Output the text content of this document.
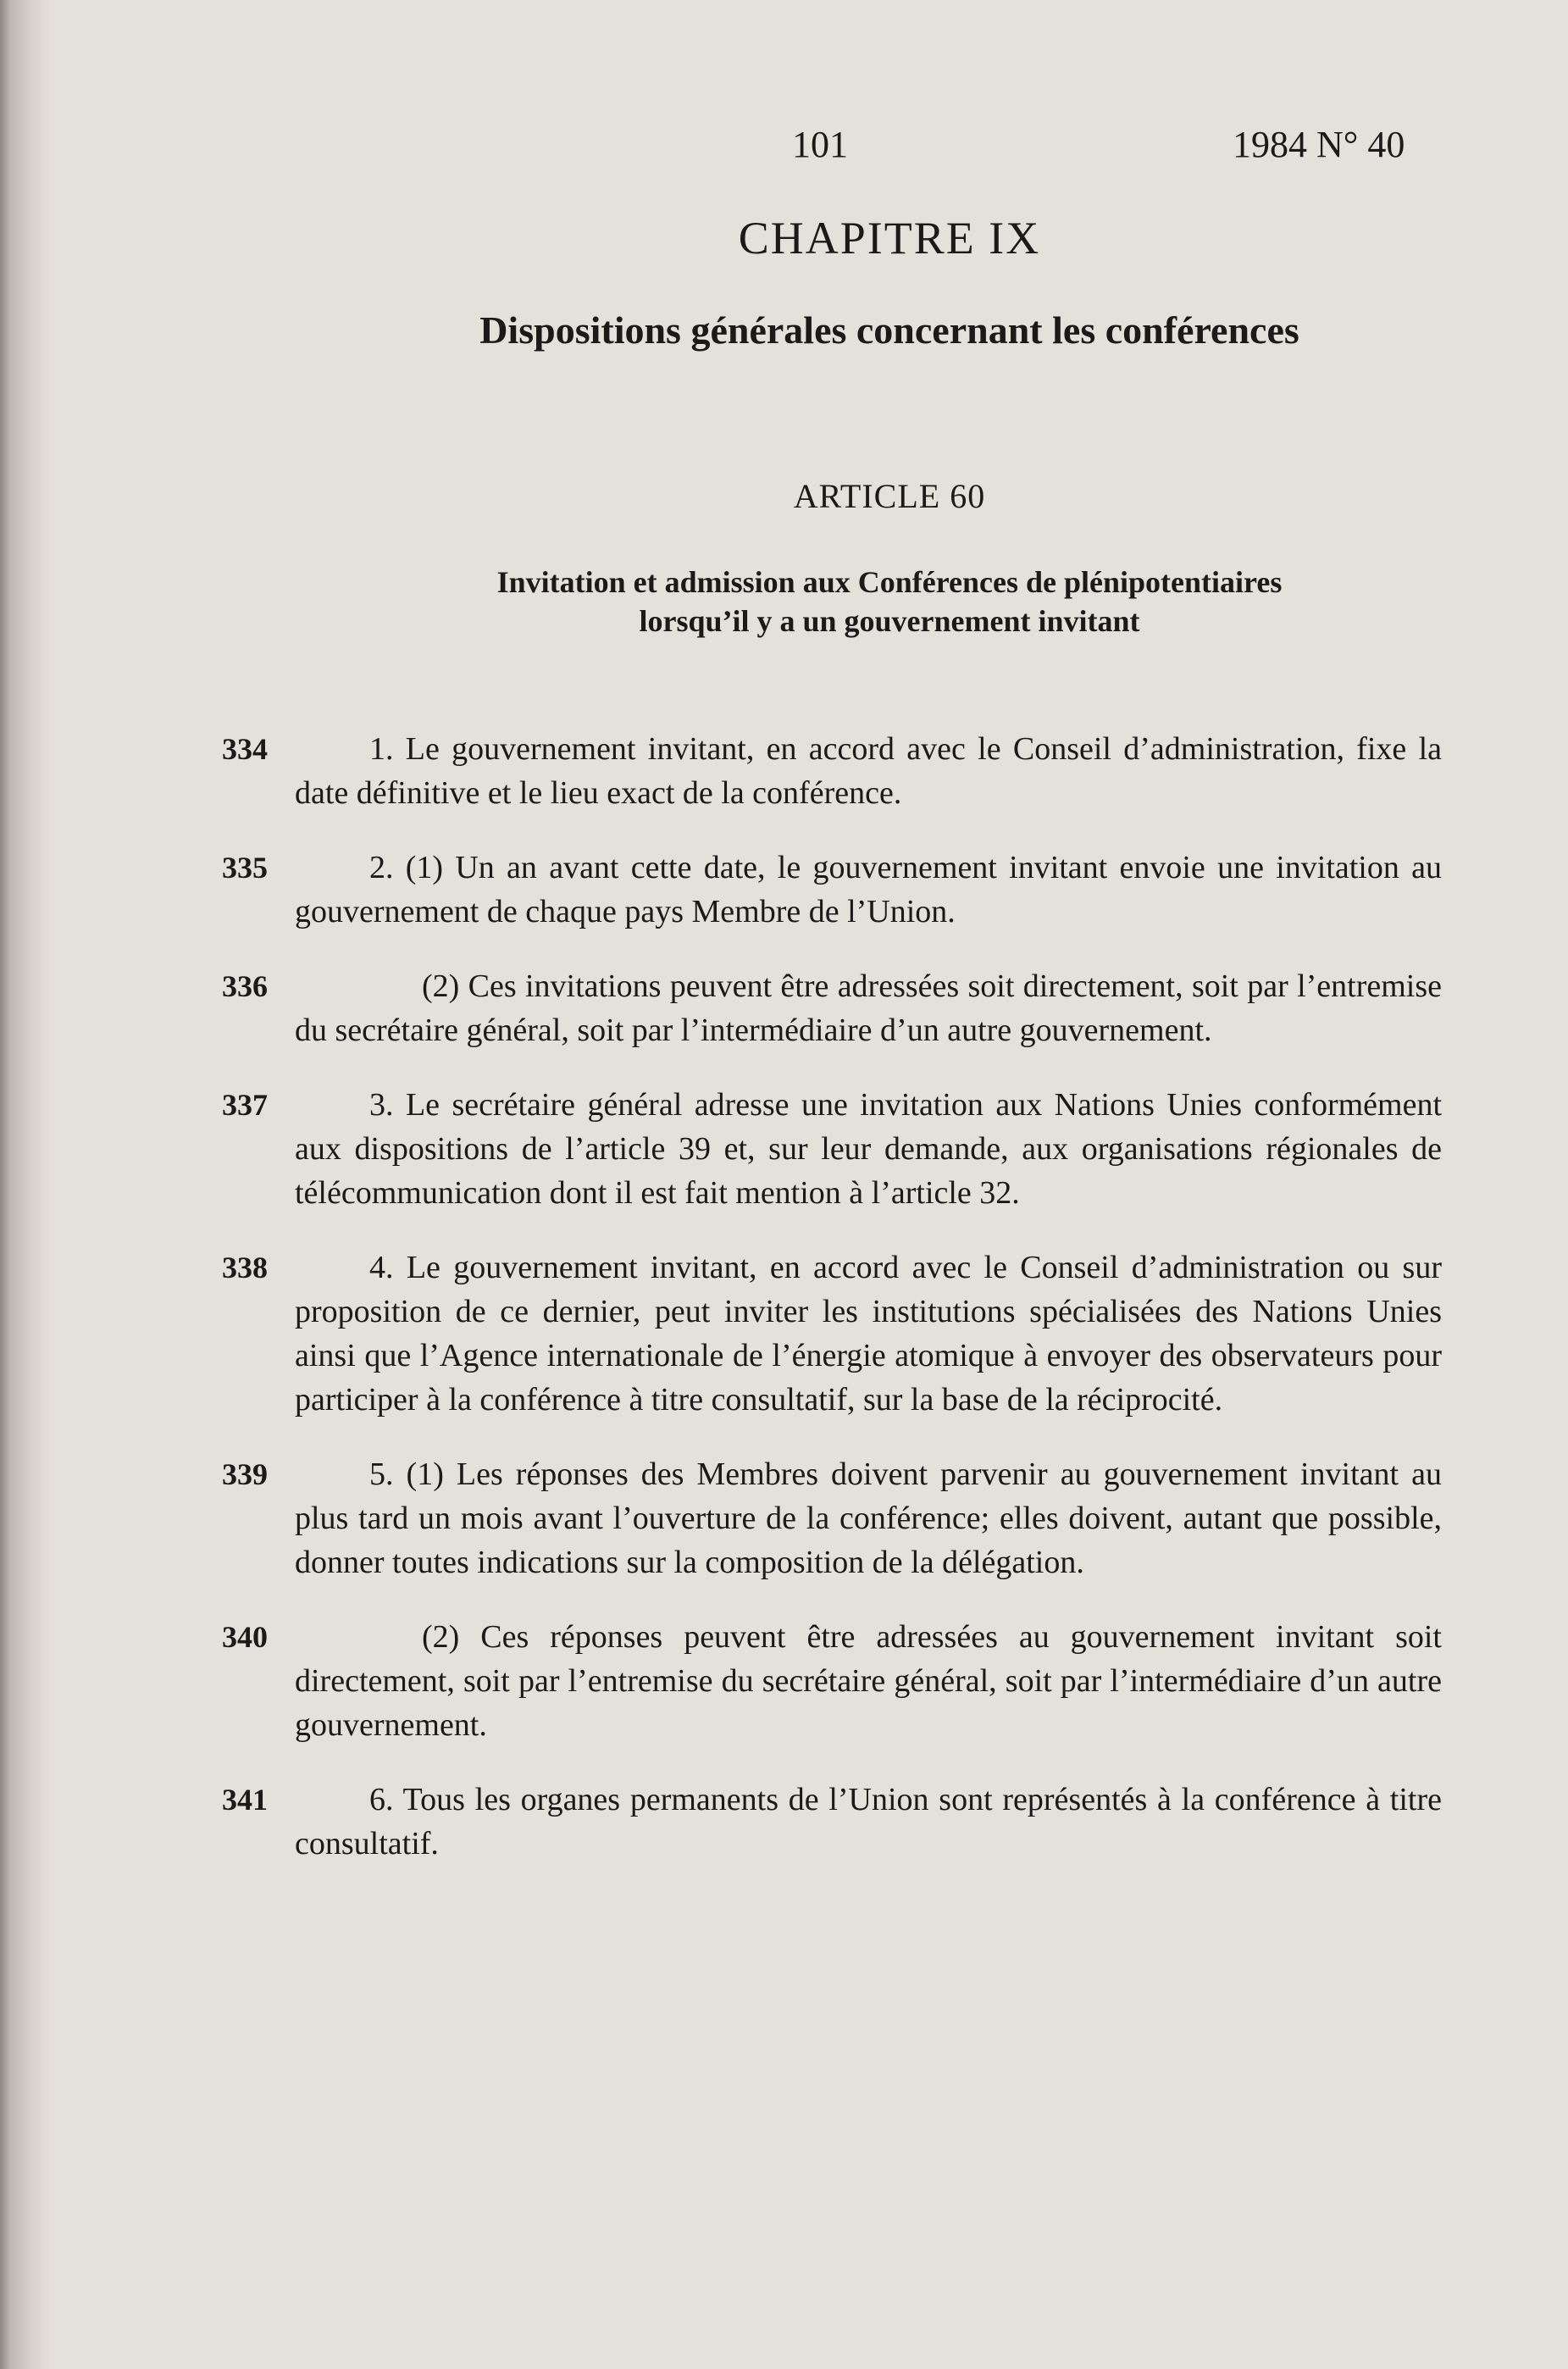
101	1984 N° 40
CHAPITRE IX
Dispositions générales concernant les conférences
ARTICLE 60
Invitation et admission aux Conférences de plénipotentiaires
lorsqu’il y a un gouvernement invitant
334	1. Le gouvernement invitant, en accord avec le Conseil d’administration, fixe la date définitive et le lieu exact de la conférence.
335	2. (1) Un an avant cette date, le gouvernement invitant envoie une invitation au gouvernement de chaque pays Membre de l’Union.
336	(2) Ces invitations peuvent être adressées soit directement, soit par l’entremise du secrétaire général, soit par l’intermédiaire d’un autre gouvernement.
337	3. Le secrétaire général adresse une invitation aux Nations Unies conformément aux dispositions de l’article 39 et, sur leur demande, aux organisations régionales de télécommunication dont il est fait mention à l’article 32.
338	4. Le gouvernement invitant, en accord avec le Conseil d’administration ou sur proposition de ce dernier, peut inviter les institutions spécialisées des Nations Unies ainsi que l’Agence internationale de l’énergie atomique à envoyer des observateurs pour participer à la conférence à titre consultatif, sur la base de la réciprocité.
339	5. (1) Les réponses des Membres doivent parvenir au gouvernement invitant au plus tard un mois avant l’ouverture de la conférence; elles doivent, autant que possible, donner toutes indications sur la composition de la délégation.
340	(2) Ces réponses peuvent être adressées au gouvernement invitant soit directement, soit par l’entremise du secrétaire général, soit par l’intermédiaire d’un autre gouvernement.
341	6. Tous les organes permanents de l’Union sont représentés à la conférence à titre consultatif.
